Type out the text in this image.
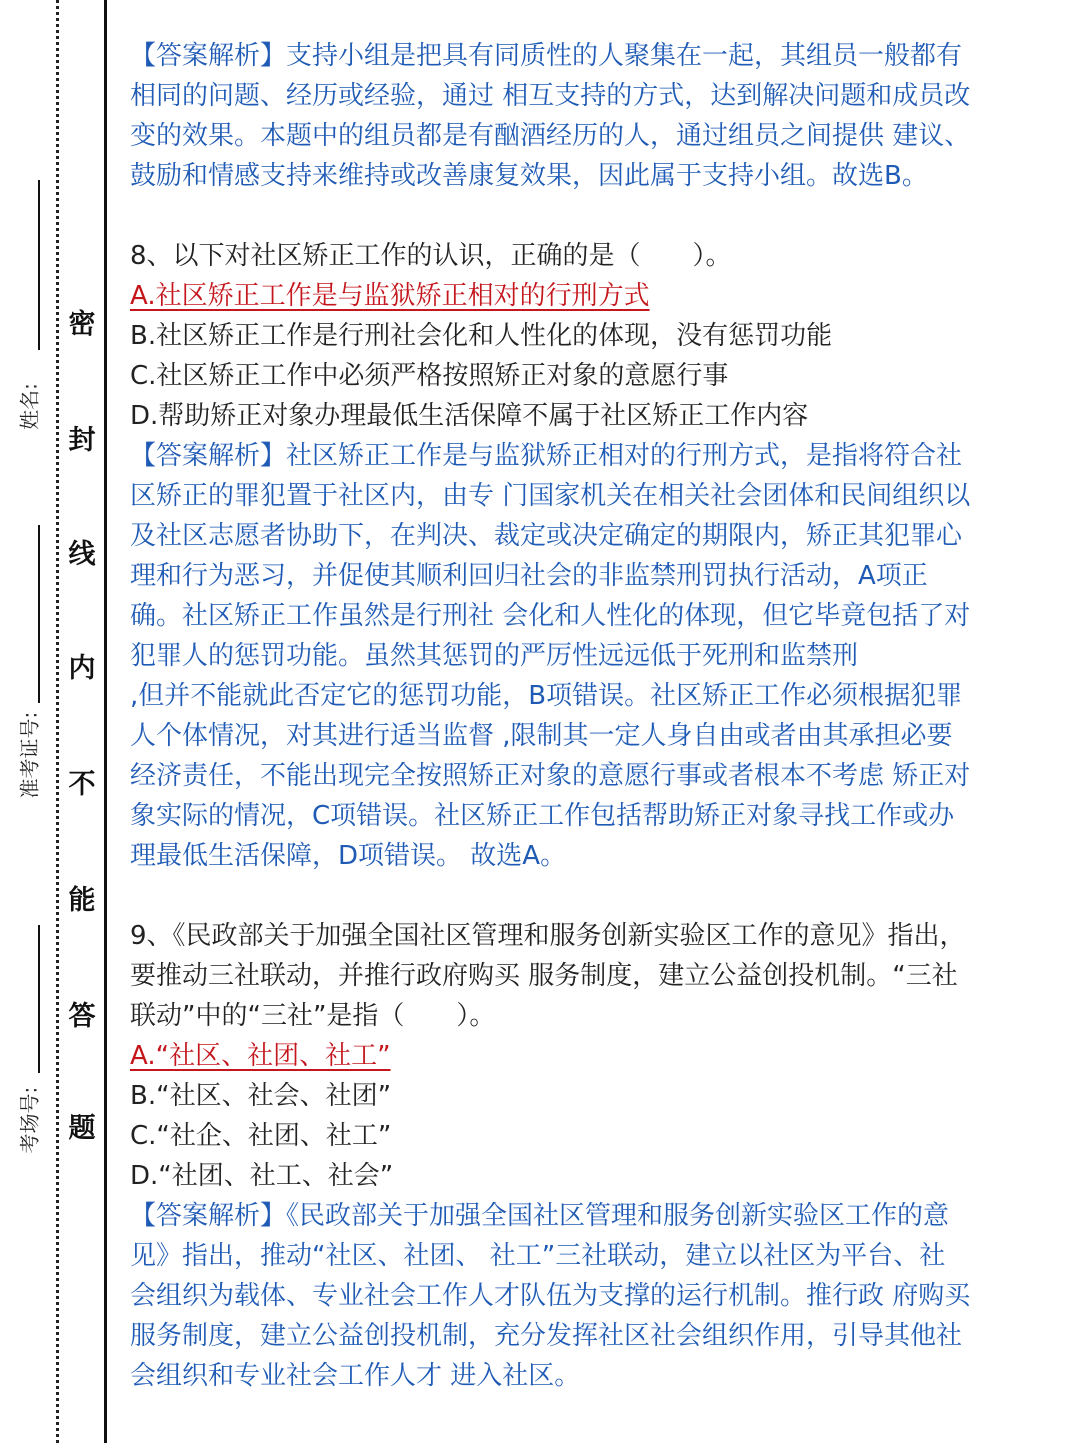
姓名:
准考证号:
考场号:
密
封
线
内
不
能
答
题
【答案解析】支持小组是把具有同质性的人聚集在一起，其组员一般都有
相同的问题、经历或经验，通过 相互支持的方式，达到解决问题和成员改
变的效果。本题中的组员都是有酗酒经历的人，通过组员之间提供 建议、
鼓励和情感支持来维持或改善康复效果，因此属于支持小组。故选B。
8、以下对社区矫正工作的认识，正确的是（　　）。
A.社区矫正工作是与监狱矫正相对的行刑方式
B.社区矫正工作是行刑社会化和人性化的体现，没有惩罚功能
C.社区矫正工作中必须严格按照矫正对象的意愿行事
D.帮助矫正对象办理最低生活保障不属于社区矫正工作内容
【答案解析】社区矫正工作是与监狱矫正相对的行刑方式，是指将符合社
区矫正的罪犯置于社区内，由专 门国家机关在相关社会团体和民间组织以
及社区志愿者协助下，在判决、裁定或决定确定的期限内，矫正其犯罪心
理和行为恶习，并促使其顺利回归社会的非监禁刑罚执行活动，A项正
确。社区矫正工作虽然是行刑社 会化和人性化的体现，但它毕竟包括了对
犯罪人的惩罚功能。虽然其惩罚的严厉性远远低于死刑和监禁刑
,但并不能就此否定它的惩罚功能，B项错误。社区矫正工作必须根据犯罪
人个体情况，对其进行适当监督 ,限制其一定人身自由或者由其承担必要
经济责任，不能出现完全按照矫正对象的意愿行事或者根本不考虑 矫正对
象实际的情况，C项错误。社区矫正工作包括帮助矫正对象寻找工作或办
理最低生活保障，D项错误。 故选A。
9、《民政部关于加强全国社区管理和服务创新实验区工作的意见》指出，
要推动三社联动，并推行政府购买 服务制度，建立公益创投机制。“三社
联动”中的“三社”是指（　　）。
A.“社区、社团、社工”
B.“社区、社会、社团”
C.“社企、社团、社工”
D.“社团、社工、社会”
【答案解析】《民政部关于加强全国社区管理和服务创新实验区工作的意
见》指出，推动“社区、社团、 社工”三社联动，建立以社区为平台、社
会组织为载体、专业社会工作人才队伍为支撑的运行机制。推行政 府购买
服务制度，建立公益创投机制，充分发挥社区社会组织作用，引导其他社
会组织和专业社会工作人才 进入社区。
